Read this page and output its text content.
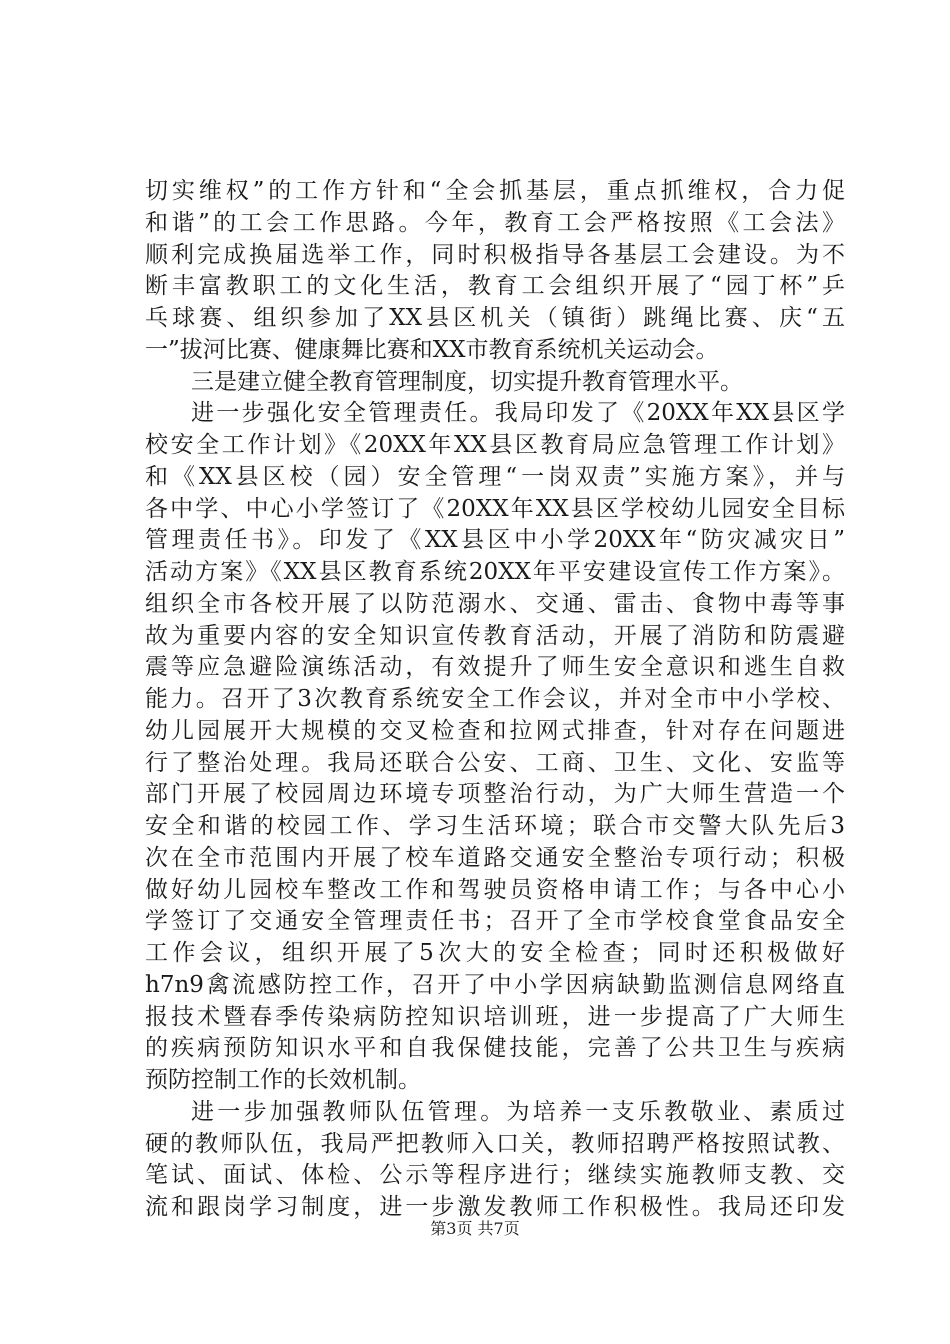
切实维权”的工作方针和“全会抓基层，重点抓维权，合力促
和谐”的工会工作思路。今年，教育工会严格按照《工会法》
顺利完成换届选举工作，同时积极指导各基层工会建设。为不
断丰富教职工的文化生活，教育工会组织开展了“园丁杯”乒
乓球赛、组织参加了XX县区机关（镇街）跳绳比赛、庆“五
一”拔河比赛、健康舞比赛和XX市教育系统机关运动会。
三是建立健全教育管理制度，切实提升教育管理水平。
进一步强化安全管理责任。我局印发了《20XX年XX县区学
校安全工作计划》《20XX年XX县区教育局应急管理工作计划》
和《XX县区校（园）安全管理“一岗双责”实施方案》，并与
各中学、中心小学签订了《20XX年XX县区学校幼儿园安全目标
管理责任书》。印发了《XX县区中小学20XX年“防灾减灾日”
活动方案》《XX县区教育系统20XX年平安建设宣传工作方案》。
组织全市各校开展了以防范溺水、交通、雷击、食物中毒等事
故为重要内容的安全知识宣传教育活动，开展了消防和防震避
震等应急避险演练活动，有效提升了师生安全意识和逃生自救
能力。召开了3次教育系统安全工作会议，并对全市中小学校、
幼儿园展开大规模的交叉检查和拉网式排查，针对存在问题进
行了整治处理。我局还联合公安、工商、卫生、文化、安监等
部门开展了校园周边环境专项整治行动，为广大师生营造一个
安全和谐的校园工作、学习生活环境；联合市交警大队先后3
次在全市范围内开展了校车道路交通安全整治专项行动；积极
做好幼儿园校车整改工作和驾驶员资格申请工作；与各中心小
学签订了交通安全管理责任书；召开了全市学校食堂食品安全
工作会议，组织开展了5次大的安全检查；同时还积极做好
h7n9禽流感防控工作，召开了中小学因病缺勤监测信息网络直
报技术暨春季传染病防控知识培训班，进一步提高了广大师生
的疾病预防知识水平和自我保健技能，完善了公共卫生与疾病
预防控制工作的长效机制。
进一步加强教师队伍管理。为培养一支乐教敬业、素质过
硬的教师队伍，我局严把教师入口关，教师招聘严格按照试教、
笔试、面试、体检、公示等程序进行；继续实施教师支教、交
流和跟岗学习制度，进一步激发教师工作积极性。我局还印发
第3页 共7页
